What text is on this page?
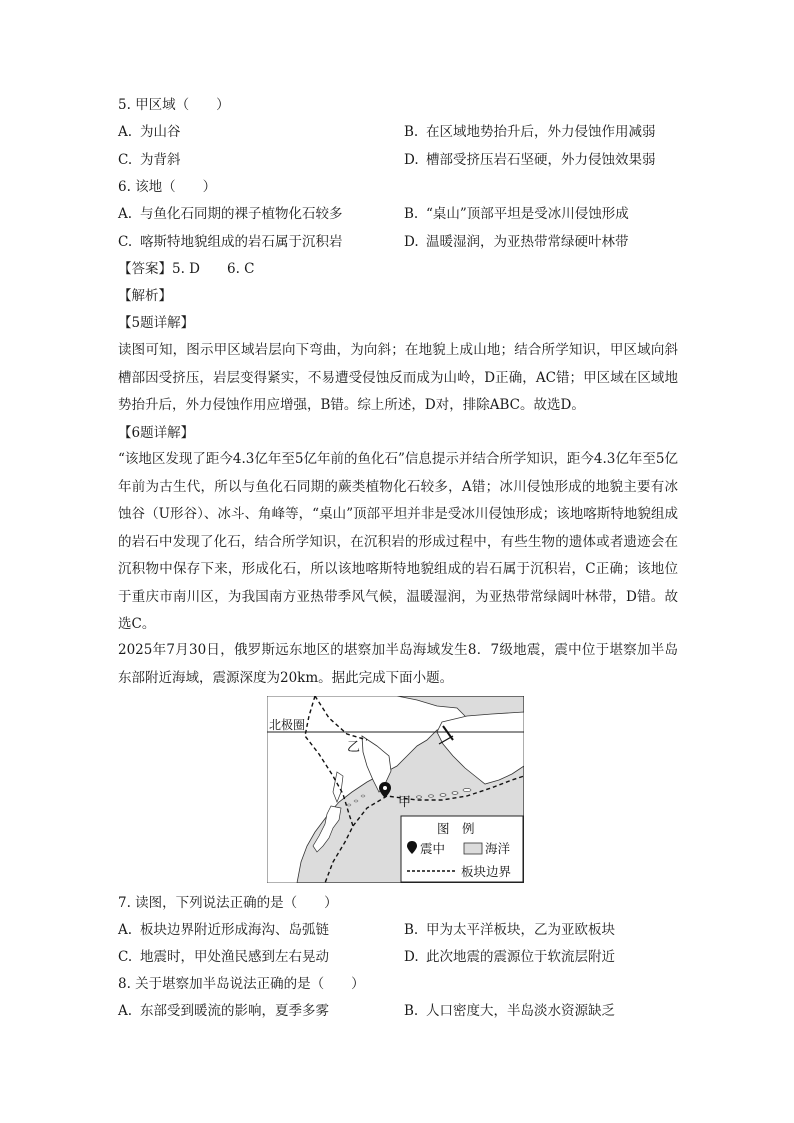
5. 甲区域（　　）
A. 为山谷	B. 在区域地势抬升后，外力侵蚀作用减弱
C. 为背斜	D. 槽部受挤压岩石坚硬，外力侵蚀效果弱
6. 该地（　　）
A. 与鱼化石同期的裸子植物化石较多	B. “桌山”顶部平坦是受冰川侵蚀形成
C. 喀斯特地貌组成的岩石属于沉积岩	D. 温暖湿润，为亚热带常绿硬叶林带
【答案】5. D　　6. C
【解析】
【5题详解】
读图可知，图示甲区域岩层向下弯曲，为向斜；在地貌上成山地；结合所学知识，甲区域向斜槽部因受挤压，岩层变得紧实，不易遭受侵蚀反而成为山岭，D正确，AC错；甲区域在区域地势抬升后，外力侵蚀作用应增强，B错。综上所述，D对，排除ABC。故选D。
【6题详解】
“该地区发现了距今4.3亿年至5亿年前的鱼化石”信息提示并结合所学知识，距今4.3亿年至5亿年前为古生代，所以与鱼化石同期的蕨类植物化石较多，A错；冰川侵蚀形成的地貌主要有冰蚀谷（U形谷）、冰斗、角峰等，“桌山”顶部平坦并非是受冰川侵蚀形成；该地喀斯特地貌组成的岩石中发现了化石，结合所学知识，在沉积岩的形成过程中，有些生物的遗体或者遗迹会在沉积物中保存下来，形成化石，所以该地喀斯特地貌组成的岩石属于沉积岩，C正确；该地位于重庆市南川区，为我国南方亚热带季风气候，温暖湿润，为亚热带常绿阔叶林带，D错。故选C。
2025年7月30日，俄罗斯远东地区的堪察加半岛海域发生8．7级地震，震中位于堪察加半岛东部附近海域，震源深度为20km。据此完成下面小题。
北极圈
乙
甲
图　例
震中	海洋
板块边界
7. 读图，下列说法正确的是（　　）
A. 板块边界附近形成海沟、岛弧链	B. 甲为太平洋板块，乙为亚欧板块
C. 地震时，甲处渔民感到左右晃动	D. 此次地震的震源位于软流层附近
8. 关于堪察加半岛说法正确的是（　　）
A. 东部受到暖流的影响，夏季多雾	B. 人口密度大，半岛淡水资源缺乏
